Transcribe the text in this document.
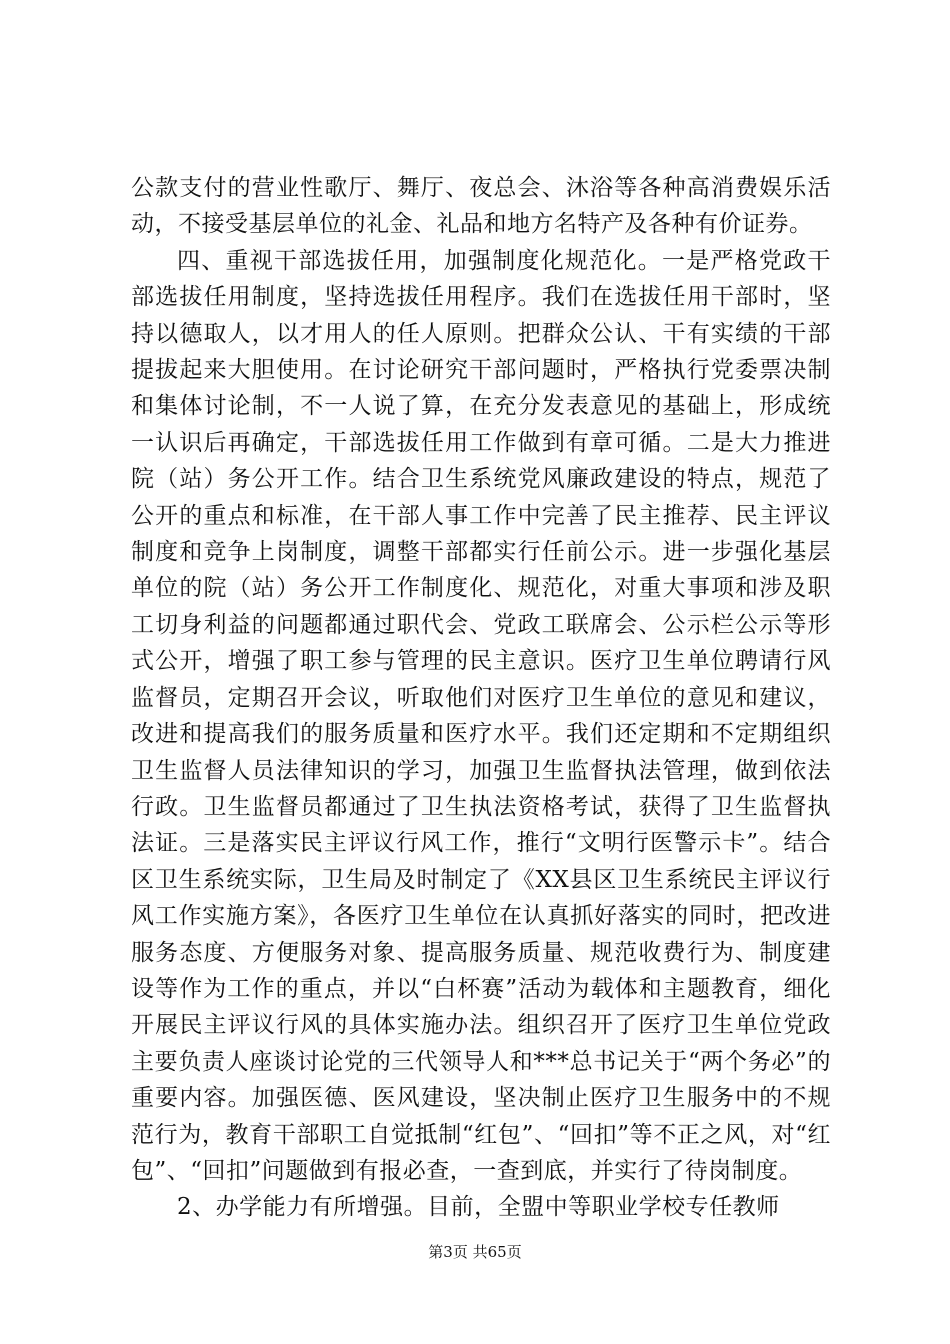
公款支付的营业性歌厅、舞厅、夜总会、沐浴等各种高消费娱乐活动，不接受基层单位的礼金、礼品和地方名特产及各种有价证券。

四、重视干部选拔任用，加强制度化规范化。一是严格党政干部选拔任用制度，坚持选拔任用程序。我们在选拔任用干部时，坚持以德取人，以才用人的任人原则。把群众公认、干有实绩的干部提拔起来大胆使用。在讨论研究干部问题时，严格执行党委票决制和集体讨论制，不一人说了算，在充分发表意见的基础上，形成统一认识后再确定，干部选拔任用工作做到有章可循。二是大力推进院（站）务公开工作。结合卫生系统党风廉政建设的特点，规范了公开的重点和标准，在干部人事工作中完善了民主推荐、民主评议制度和竞争上岗制度，调整干部都实行任前公示。进一步强化基层单位的院（站）务公开工作制度化、规范化，对重大事项和涉及职工切身利益的问题都通过职代会、党政工联席会、公示栏公示等形式公开，增强了职工参与管理的民主意识。医疗卫生单位聘请行风监督员，定期召开会议，听取他们对医疗卫生单位的意见和建议，改进和提高我们的服务质量和医疗水平。我们还定期和不定期组织卫生监督人员法律知识的学习，加强卫生监督执法管理，做到依法行政。卫生监督员都通过了卫生执法资格考试，获得了卫生监督执法证。三是落实民主评议行风工作，推行“文明行医警示卡”。结合区卫生系统实际，卫生局及时制定了《XX县区卫生系统民主评议行风工作实施方案》，各医疗卫生单位在认真抓好落实的同时，把改进服务态度、方便服务对象、提高服务质量、规范收费行为、制度建设等作为工作的重点，并以“白杯赛”活动为载体和主题教育，细化开展民主评议行风的具体实施办法。组织召开了医疗卫生单位党政主要负责人座谈讨论党的三代领导人和***总书记关于“两个务必”的重要内容。加强医德、医风建设，坚决制止医疗卫生服务中的不规范行为，教育干部职工自觉抵制“红包”、“回扣”等不正之风，对“红包”、“回扣”问题做到有报必查，一查到底，并实行了待岗制度。

2、办学能力有所增强。目前，全盟中等职业学校专任教师

第3页 共65页
